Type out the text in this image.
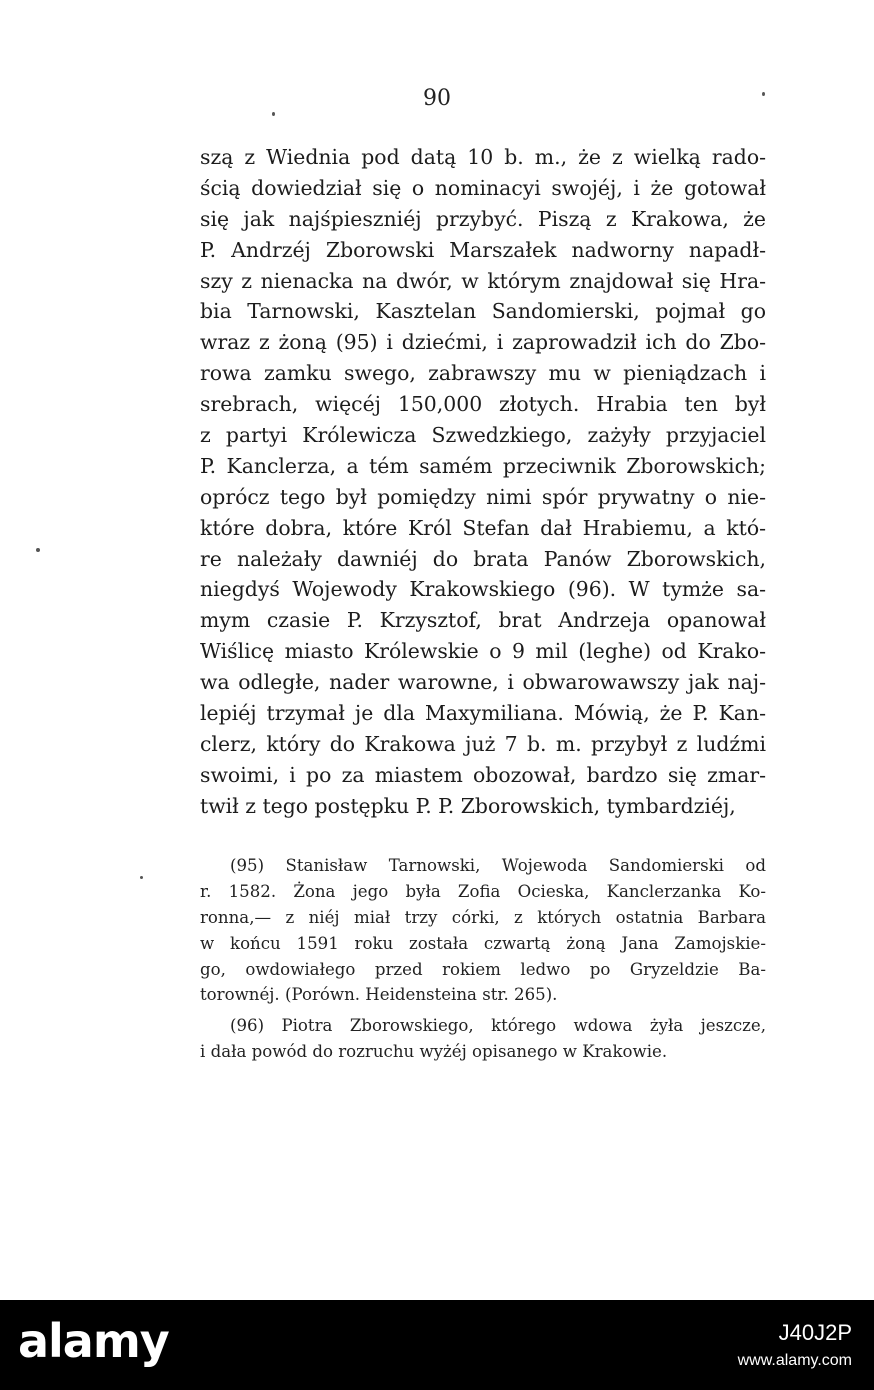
90
szą z Wiednia pod datą 10 b. m., że z wielką rado-
ścią dowiedział się o nominacyi swojéj, i że gotował
się jak najśpieszniéj przybyć. Piszą z Krakowa, że
P. Andrzéj Zborowski Marszałek nadworny napadł-
szy z nienacka na dwór, w którym znajdował się Hra-
bia Tarnowski, Kasztelan Sandomierski, pojmał go
wraz z żoną (95) i dziećmi, i zaprowadził ich do Zbo-
rowa zamku swego, zabrawszy mu w pieniądzach i
srebrach, więcéj 150,000 złotych. Hrabia ten był
z partyi Królewicza Szwedzkiego, zażyły przyjaciel
P. Kanclerza, a tém samém przeciwnik Zborowskich;
oprócz tego był pomiędzy nimi spór prywatny o nie-
które dobra, które Król Stefan dał Hrabiemu, a któ-
re należały dawniéj do brata Panów Zborowskich,
niegdyś Wojewody Krakowskiego (96). W tymże sa-
mym czasie P. Krzysztof, brat Andrzeja opanował
Wiślicę miasto Królewskie o 9 mil (leghe) od Krako-
wa odległe, nader warowne, i obwarowawszy jak naj-
lepiéj trzymał je dla Maxymiliana. Mówią, że P. Kan-
clerz, który do Krakowa już 7 b. m. przybył z ludźmi
swoimi, i po za miastem obozował, bardzo się zmar-
twił z tego postępku P. P. Zborowskich, tymbardziéj,
(95) Stanisław Tarnowski, Wojewoda Sandomierski od
r. 1582. Żona jego była Zofia Ocieska, Kanclerzanka Ko-
ronna,— z niéj miał trzy córki, z których ostatnia Barbara
w końcu 1591 roku została czwartą żoną Jana Zamojskie-
go, owdowiałego przed rokiem ledwo po Gryzeldzie Ba-
torownéj. (Porówn. Heidensteina str. 265).
(96) Piotra Zborowskiego, którego wdowa żyła jeszcze,
i dała powód do rozruchu wyżéj opisanego w Krakowie.
alamy	J40J2P
www.alamy.com
